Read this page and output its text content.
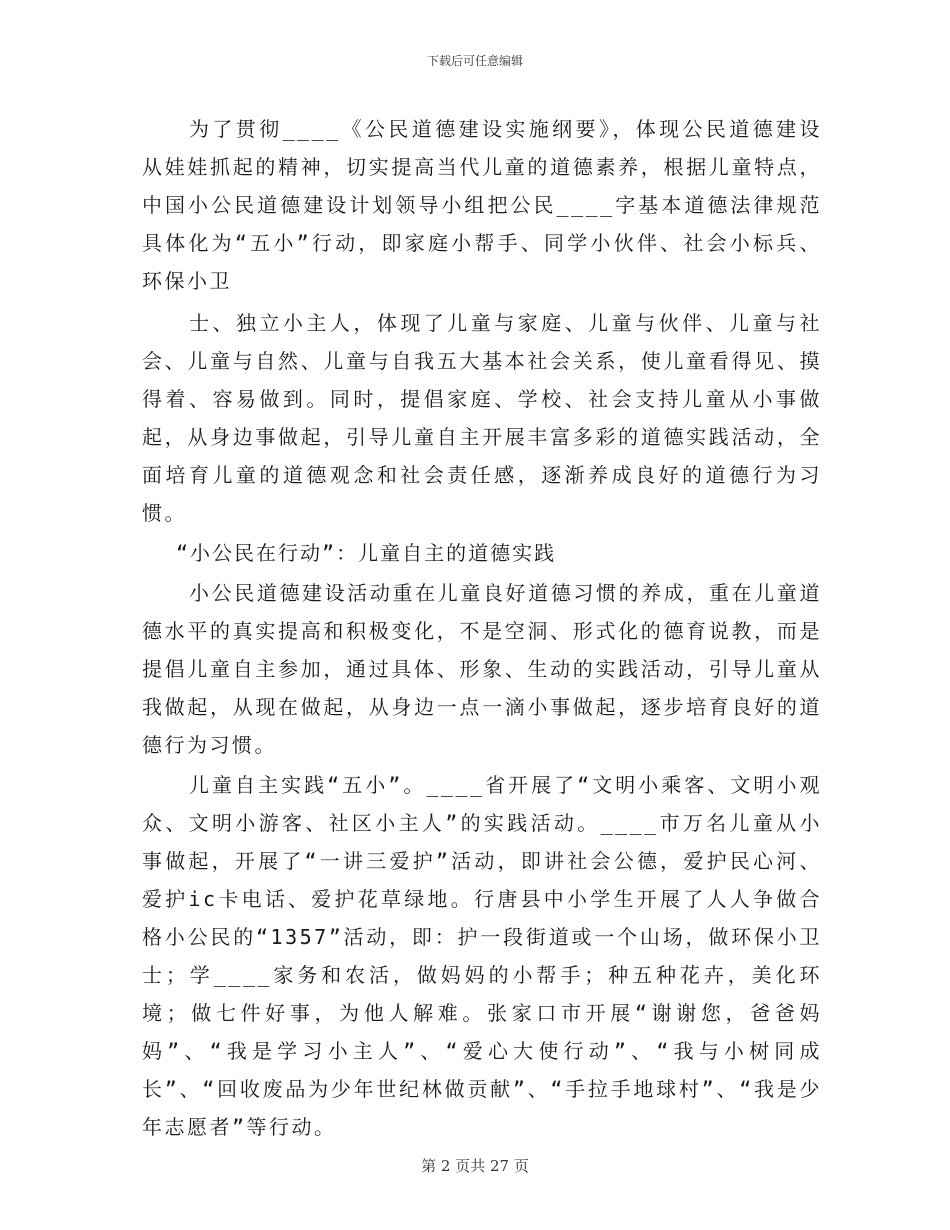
下载后可任意编辑

为了贯彻____《公民道德建设实施纲要》，体现公民道德建设从娃娃抓起的精神，切实提高当代儿童的道德素养，根据儿童特点，中国小公民道德建设计划领导小组把公民____字基本道德法律规范具体化为“五小”行动，即家庭小帮手、同学小伙伴、社会小标兵、环保小卫

士、独立小主人，体现了儿童与家庭、儿童与伙伴、儿童与社会、儿童与自然、儿童与自我五大基本社会关系，使儿童看得见、摸得着、容易做到。同时，提倡家庭、学校、社会支持儿童从小事做起，从身边事做起，引导儿童自主开展丰富多彩的道德实践活动，全面培育儿童的道德观念和社会责任感，逐渐养成良好的道德行为习惯。

“小公民在行动”：儿童自主的道德实践

小公民道德建设活动重在儿童良好道德习惯的养成，重在儿童道德水平的真实提高和积极变化，不是空洞、形式化的德育说教，而是提倡儿童自主参加，通过具体、形象、生动的实践活动，引导儿童从我做起，从现在做起，从身边一点一滴小事做起，逐步培育良好的道德行为习惯。

儿童自主实践“五小”。____省开展了“文明小乘客、文明小观众、文明小游客、社区小主人”的实践活动。____市万名儿童从小事做起，开展了“一讲三爱护”活动，即讲社会公德，爱护民心河、爱护ic卡电话、爱护花草绿地。行唐县中小学生开展了人人争做合格小公民的“1357”活动，即：护一段街道或一个山场，做环保小卫士；学____家务和农活，做妈妈的小帮手；种五种花卉，美化环境；做七件好事，为他人解难。张家口市开展“谢谢您，爸爸妈妈”、“我是学习小主人”、“爱心大使行动”、“我与小树同成长”、“回收废品为少年世纪林做贡献”、“手拉手地球村”、“我是少年志愿者”等行动。

第 2 页共 27 页
